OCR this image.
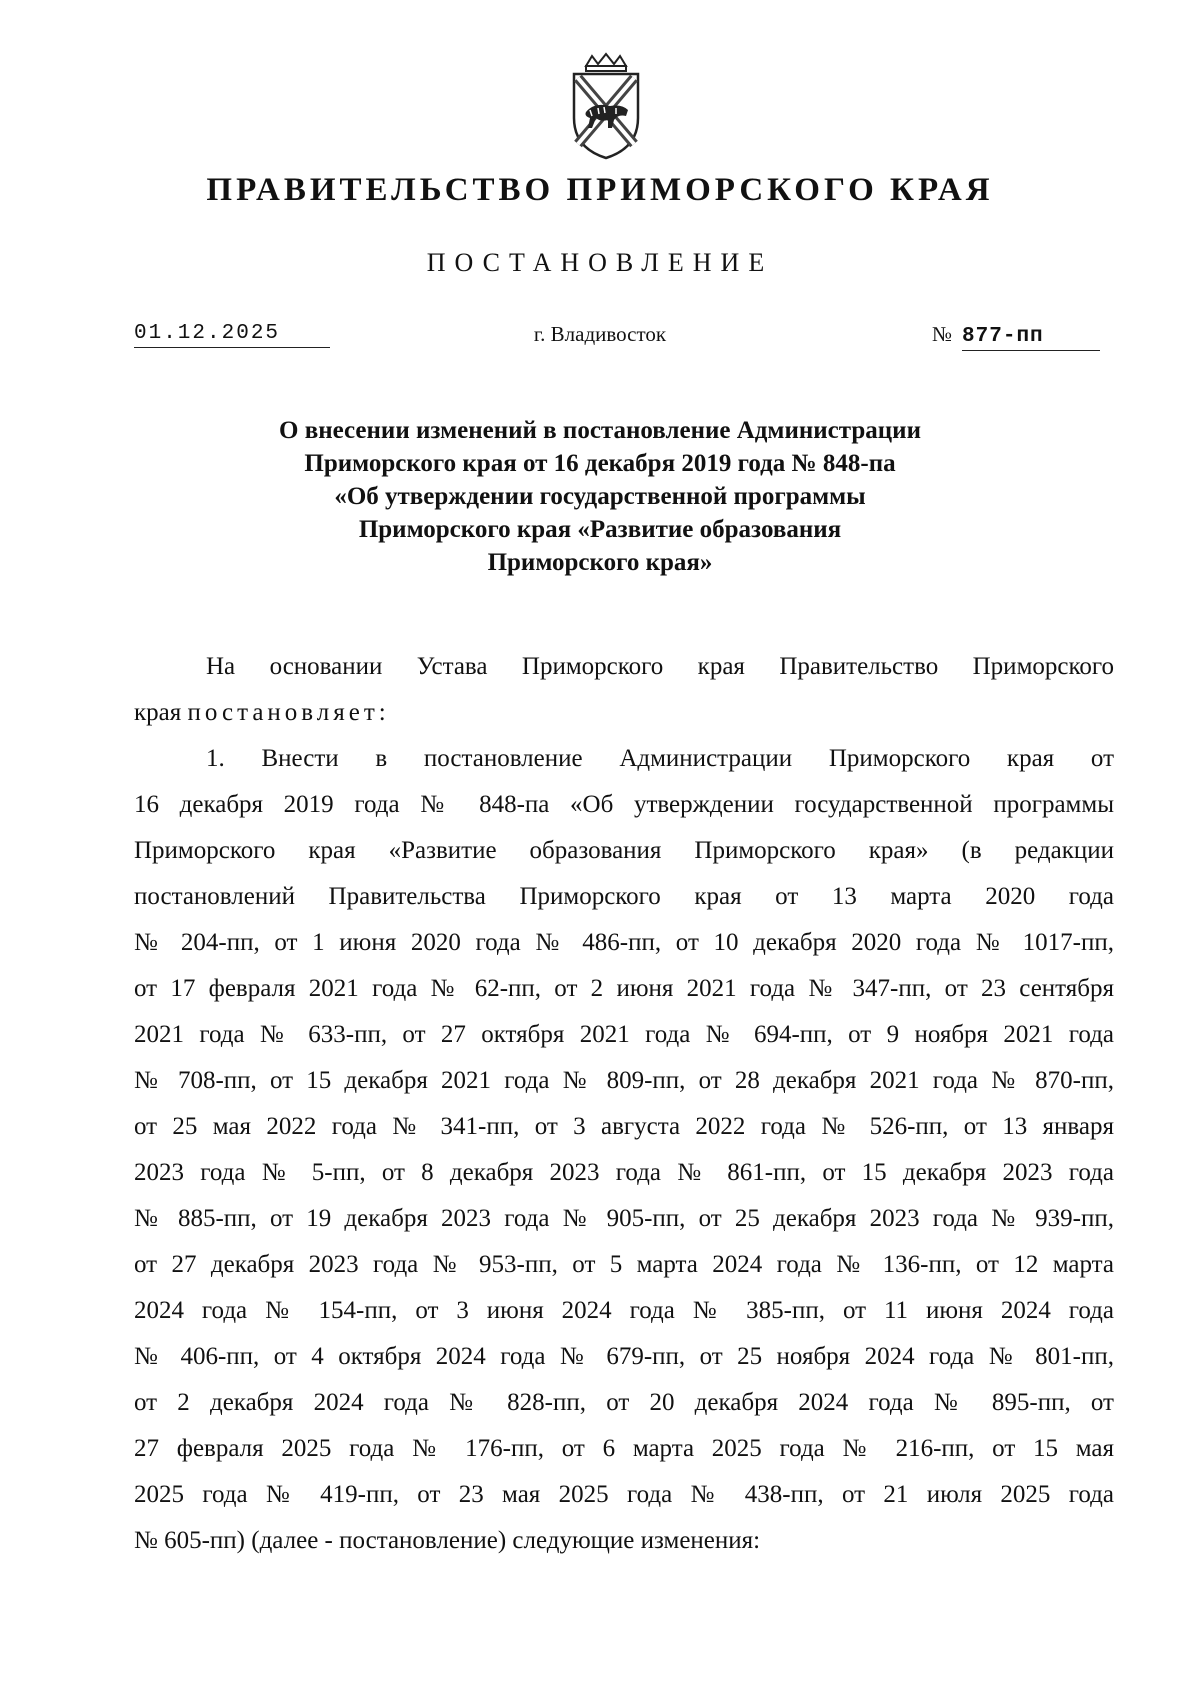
ПРАВИТЕЛЬСТВО ПРИМОРСКОГО КРАЯ
ПОСТАНОВЛЕНИЕ
01.12.2025	г. Владивосток	№ 877-пп
О внесении изменений в постановление Администрации
Приморского края от 16 декабря 2019 года № 848-па
«Об утверждении государственной программы
Приморского края «Развитие образования
Приморского края»
На основании Устава Приморского края Правительство Приморского
края постановляет:
1. Внести в постановление Администрации Приморского края от
16 декабря 2019 года № 848-па «Об утверждении государственной программы
Приморского края «Развитие образования Приморского края» (в редакции
постановлений Правительства Приморского края от 13 марта 2020 года
№ 204-пп, от 1 июня 2020 года № 486-пп, от 10 декабря 2020 года № 1017-пп,
от 17 февраля 2021 года № 62-пп, от 2 июня 2021 года № 347-пп, от 23 сентября
2021 года № 633-пп, от 27 октября 2021 года № 694-пп, от 9 ноября 2021 года
№ 708-пп, от 15 декабря 2021 года № 809-пп, от 28 декабря 2021 года № 870-пп,
от 25 мая 2022 года № 341-пп, от 3 августа 2022 года № 526-пп, от 13 января
2023 года № 5-пп, от 8 декабря 2023 года № 861-пп, от 15 декабря 2023 года
№ 885-пп, от 19 декабря 2023 года № 905-пп, от 25 декабря 2023 года № 939-пп,
от 27 декабря 2023 года № 953-пп, от 5 марта 2024 года № 136-пп, от 12 марта
2024 года № 154-пп, от 3 июня 2024 года № 385-пп, от 11 июня 2024 года
№ 406-пп, от 4 октября 2024 года № 679-пп, от 25 ноября 2024 года № 801-пп,
от 2 декабря 2024 года № 828-пп, от 20 декабря 2024 года № 895-пп, от
27 февраля 2025 года № 176-пп, от 6 марта 2025 года № 216-пп, от 15 мая
2025 года № 419-пп, от 23 мая 2025 года № 438-пп, от 21 июля 2025 года
№ 605-пп) (далее - постановление) следующие изменения:
